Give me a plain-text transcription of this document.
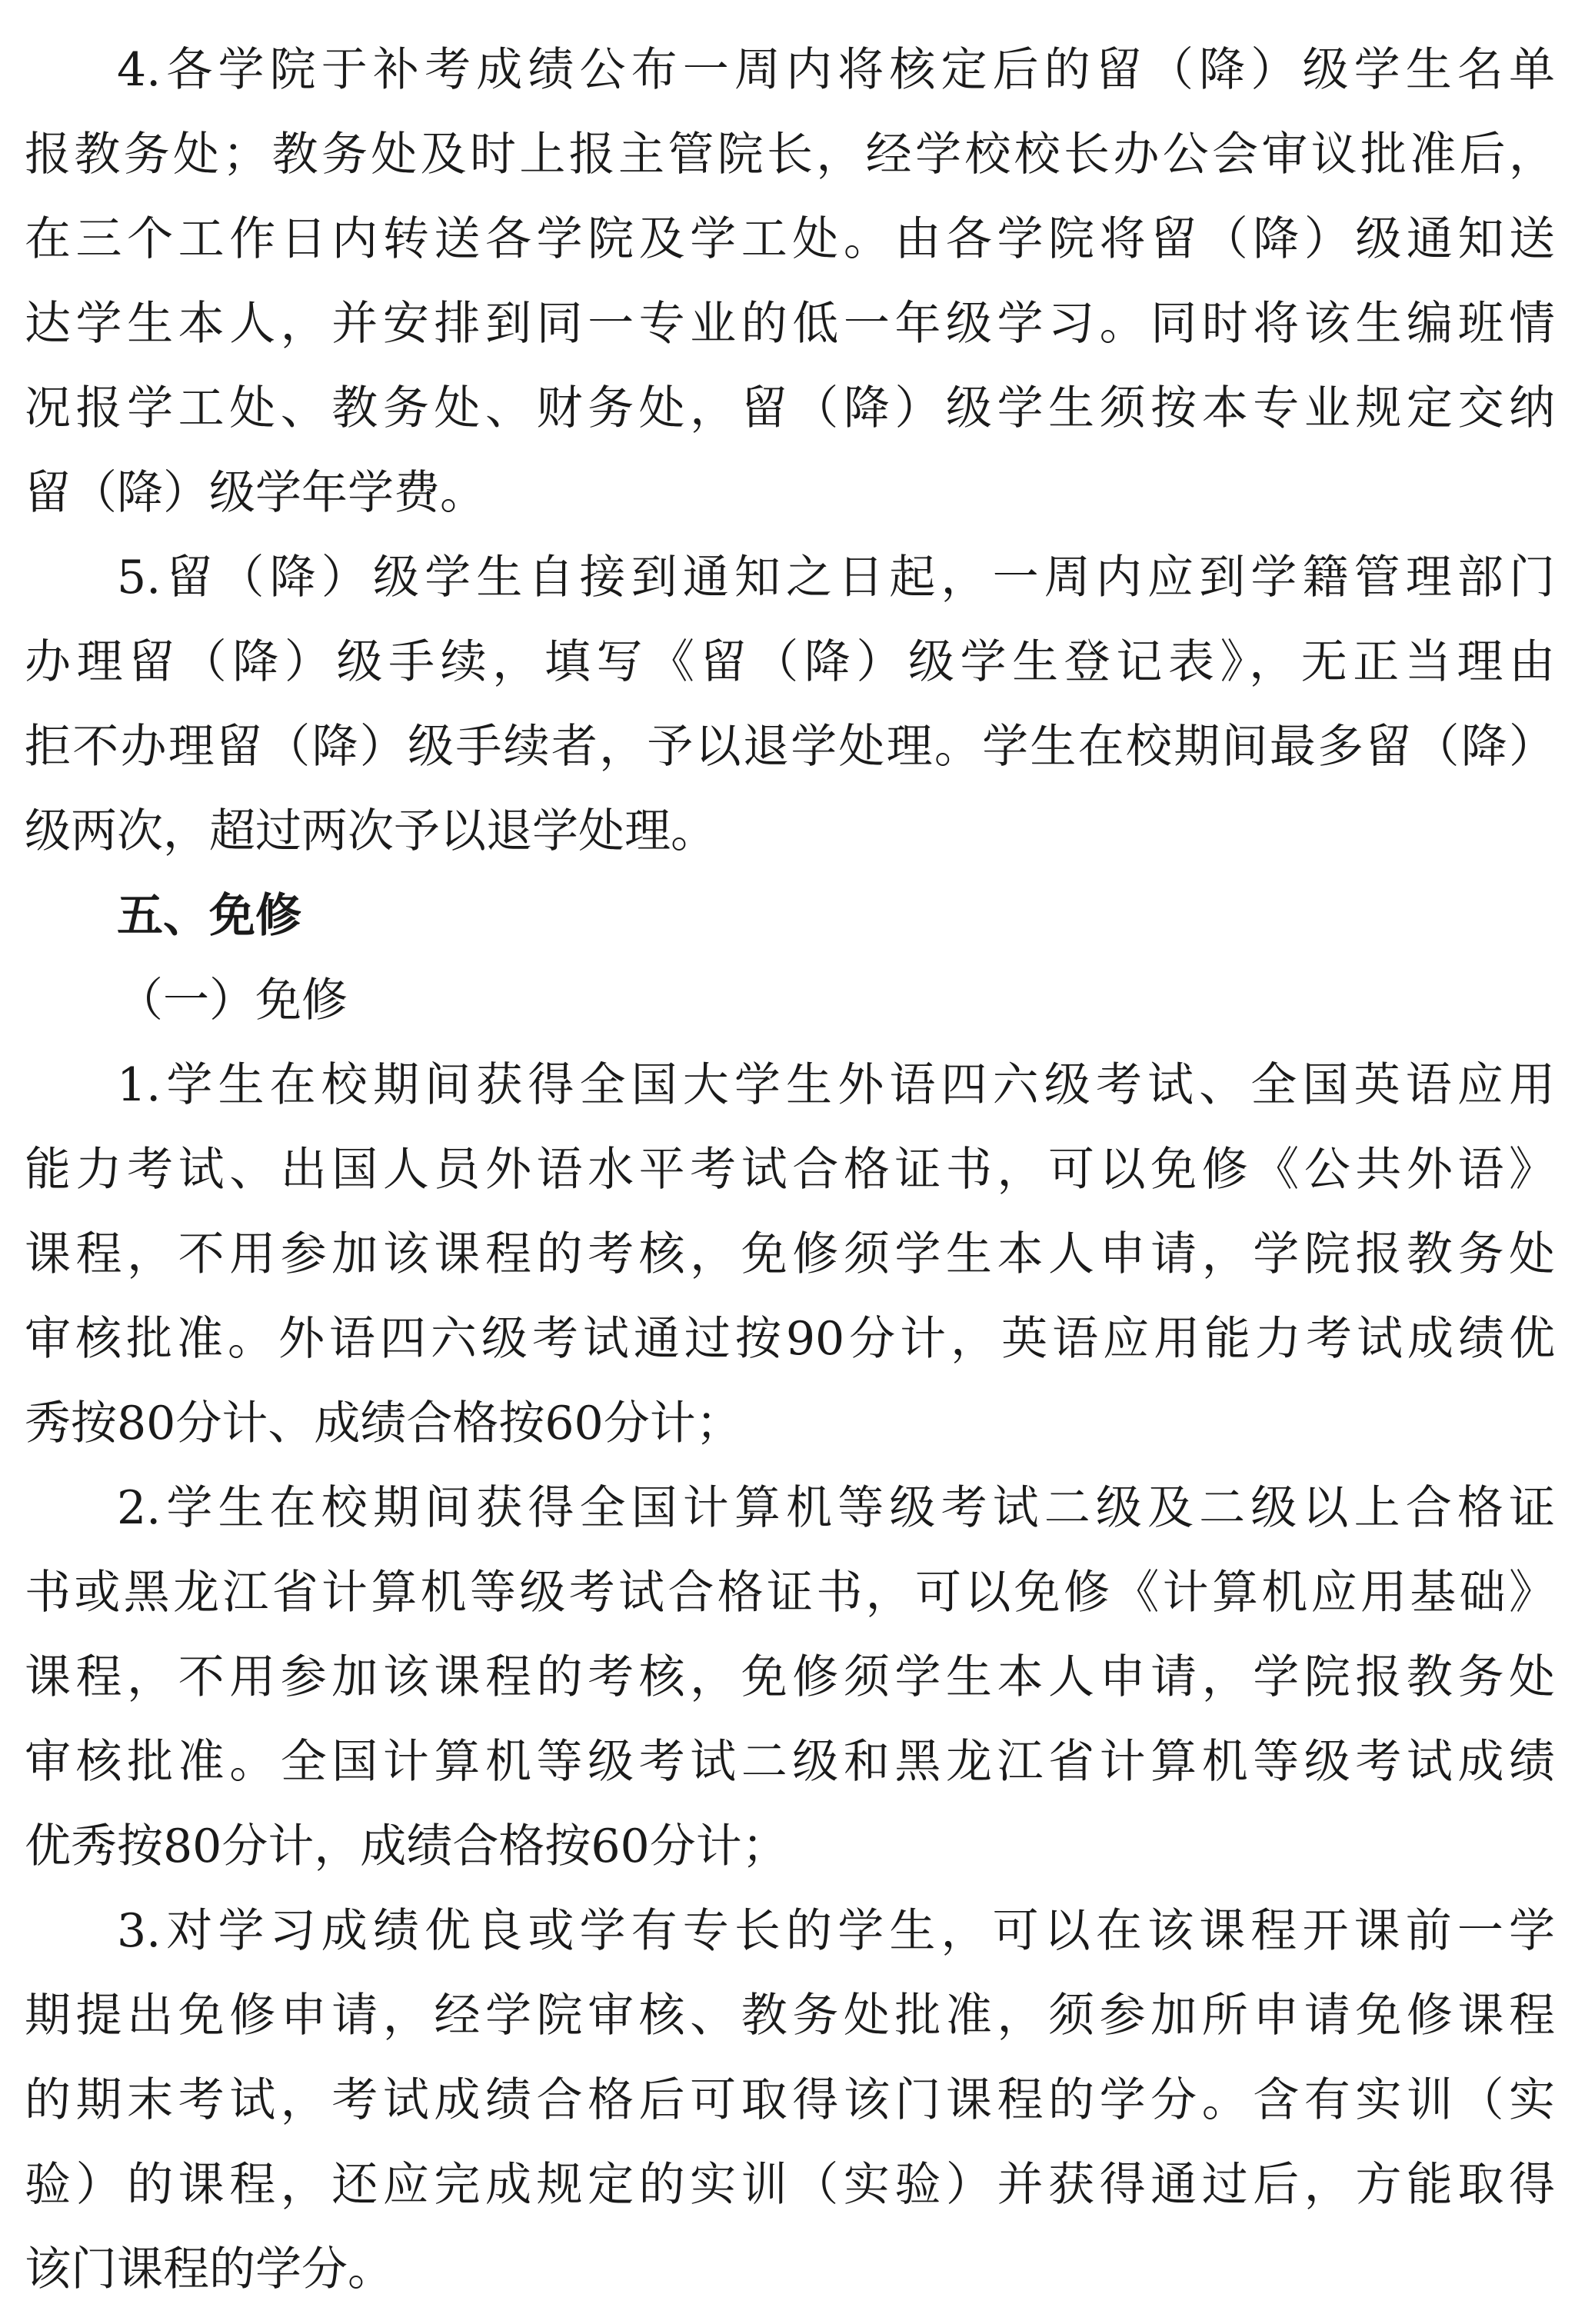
4.各学院于补考成绩公布一周内将核定后的留（降）级学生名单
报教务处；教务处及时上报主管院长，经学校校长办公会审议批准后，
在三个工作日内转送各学院及学工处。由各学院将留（降）级通知送
达学生本人，并安排到同一专业的低一年级学习。同时将该生编班情
况报学工处、教务处、财务处，留（降）级学生须按本专业规定交纳
留（降）级学年学费。
5.留（降）级学生自接到通知之日起，一周内应到学籍管理部门
办理留（降）级手续，填写《留（降）级学生登记表》，无正当理由
拒不办理留（降）级手续者，予以退学处理。学生在校期间最多留（降）
级两次，超过两次予以退学处理。
五、免修
（一）免修
1.学生在校期间获得全国大学生外语四六级考试、全国英语应用
能力考试、出国人员外语水平考试合格证书，可以免修《公共外语》
课程，不用参加该课程的考核，免修须学生本人申请，学院报教务处
审核批准。外语四六级考试通过按90分计，英语应用能力考试成绩优
秀按80分计、成绩合格按60分计；
2.学生在校期间获得全国计算机等级考试二级及二级以上合格证
书或黑龙江省计算机等级考试合格证书，可以免修《计算机应用基础》
课程，不用参加该课程的考核，免修须学生本人申请，学院报教务处
审核批准。全国计算机等级考试二级和黑龙江省计算机等级考试成绩
优秀按80分计，成绩合格按60分计；
3.对学习成绩优良或学有专长的学生，可以在该课程开课前一学
期提出免修申请，经学院审核、教务处批准，须参加所申请免修课程
的期末考试，考试成绩合格后可取得该门课程的学分。含有实训（实
验）的课程，还应完成规定的实训（实验）并获得通过后，方能取得
该门课程的学分。
